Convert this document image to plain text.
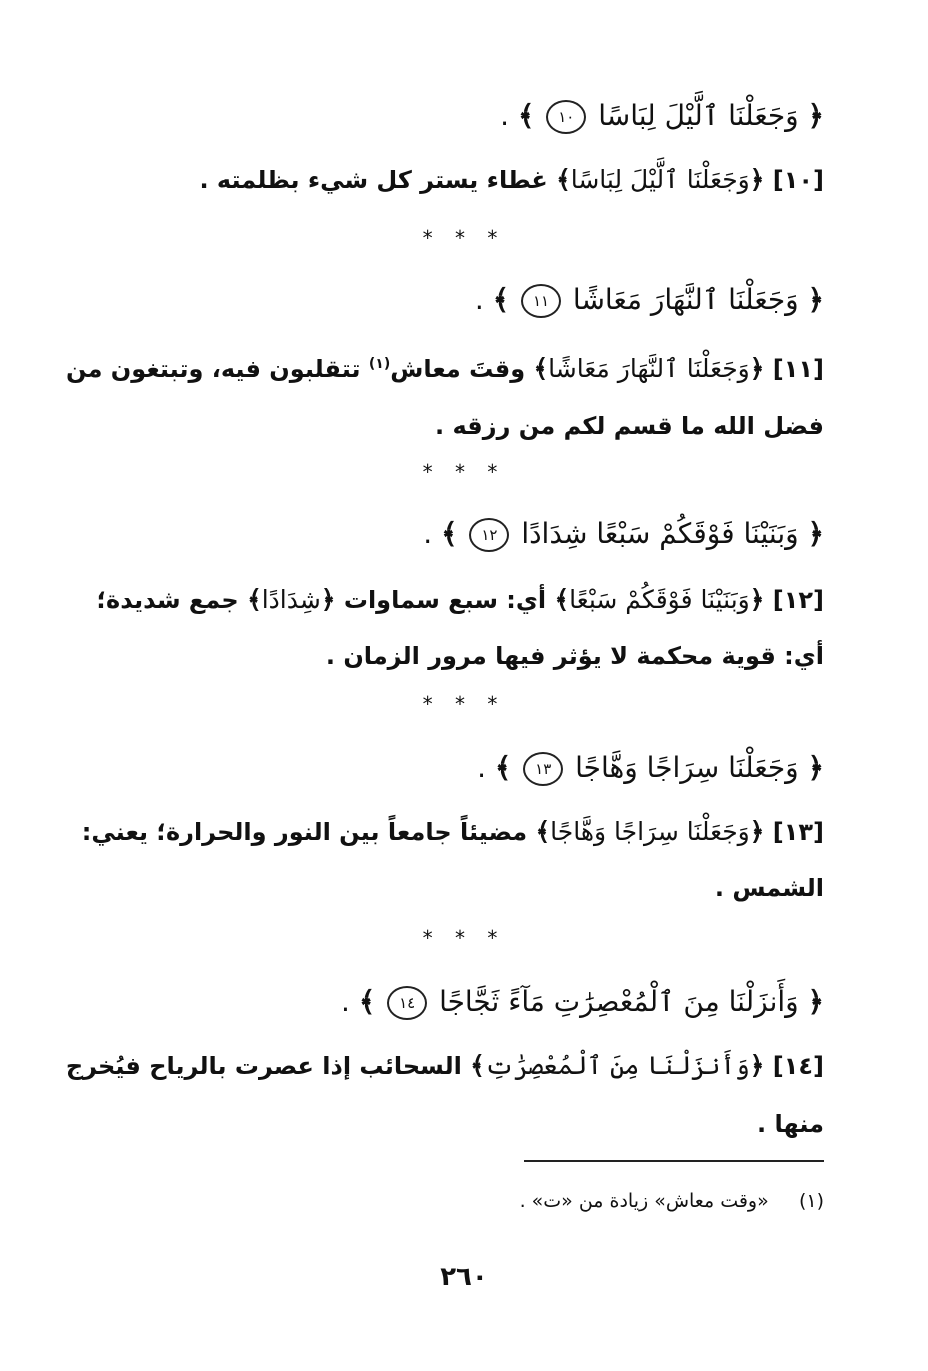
﴿ وَجَعَلْنَا ٱلَّيْلَ لِبَاسًا ١٠ ﴾ .
[١٠] ﴿وَجَعَلْنَا ٱلَّيْلَ لِبَاسًا﴾ غطاء يستر كل شيء بظلمته .
* * *
﴿ وَجَعَلْنَا ٱلنَّهَارَ مَعَاشًا ١١ ﴾ .
[١١] ﴿وَجَعَلْنَا ٱلنَّهَارَ مَعَاشًا﴾ وقتَ معاش$^{(١)}$ تتقلبون فيه، وتبتغون من
فضل الله ما قسم لكم من رزقه .
* * *
﴿ وَبَنَيْنَا فَوْقَكُمْ سَبْعًا شِدَادًا ١٢ ﴾ .
[١٢] ﴿وَبَنَيْنَا فَوْقَكُمْ سَبْعًا﴾ أي: سبع سماوات ﴿شِدَادًا﴾ جمع شديدة؛
أي: قوية محكمة لا يؤثر فيها مرور الزمان .
* * *
﴿ وَجَعَلْنَا سِرَاجًا وَهَّاجًا ١٣ ﴾ .
[١٣] ﴿وَجَعَلْنَا سِرَاجًا وَهَّاجًا﴾ مضيئاً جامعاً بين النور والحرارة؛ يعني:
الشمس .
* * *
﴿ وَأَنزَلْنَا مِنَ ٱلْمُعْصِرَٰتِ مَآءً ثَجَّاجًا ١٤ ﴾ .
[١٤] ﴿وَأَنزَلْنَا مِنَ ٱلْمُعْصِرَٰتِ﴾ السحائب إذا عصرت بالرياح فيُخرج
منها .
(١)     «وقت معاش» زيادة من «ت» .
٢٦٠
